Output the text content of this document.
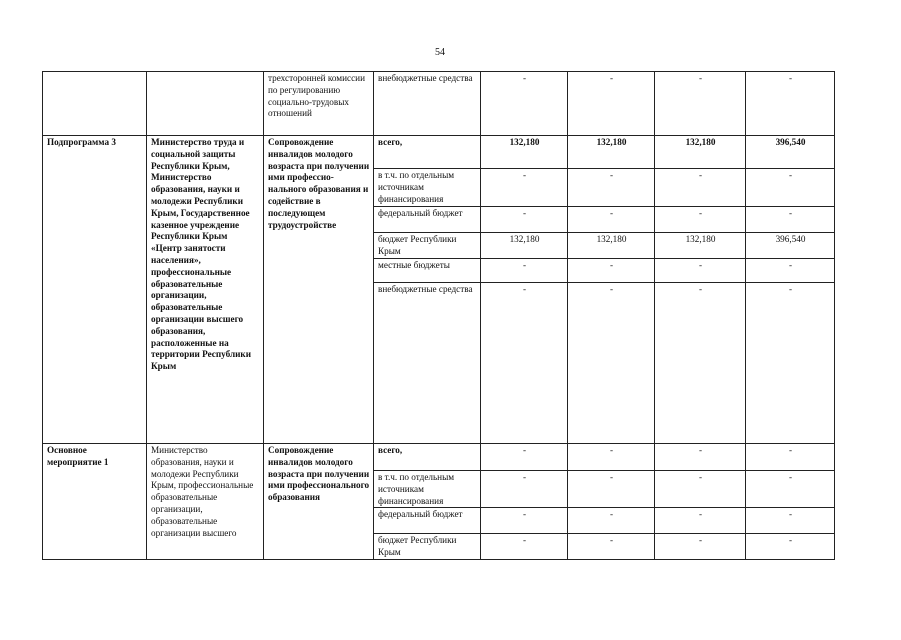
54
		трехсторонней комиссии по регулированию социально-трудовых отношений	внебюджетные средства	-	-	-	-
Подпрограмма 3	Министерство труда и социальной защиты Республики Крым, Министерство образования, науки и молодежи Республики Крым, Государственное казенное учреждение Республики Крым «Центр занятости населения», профессиональные образовательные организации, образовательные организации высшего образования, расположенные на территории Республики Крым	Сопровождение инвалидов молодого возраста при получении ими профессио-нального образования и содействие в последующем трудоустройстве	всего,	132,180	132,180	132,180	396,540
			в т.ч. по отдельным источникам финансирования	-	-	-	-
			федеральный бюджет	-	-	-	-
			бюджет Республики Крым	132,180	132,180	132,180	396,540
			местные бюджеты	-	-	-	-
			внебюджетные средства	-	-	-	-
Основное мероприятие 1	Министерство образования, науки и молодежи Республики Крым, профессиональные образовательные организации, образовательные организации высшего	Сопровождение инвалидов молодого возраста при получении ими профессионального образования	всего,	-	-	-	-
			в т.ч. по отдельным источникам финансирования	-	-	-	-
			федеральный бюджет	-	-	-	-
			бюджет Республики Крым	-	-	-	-
